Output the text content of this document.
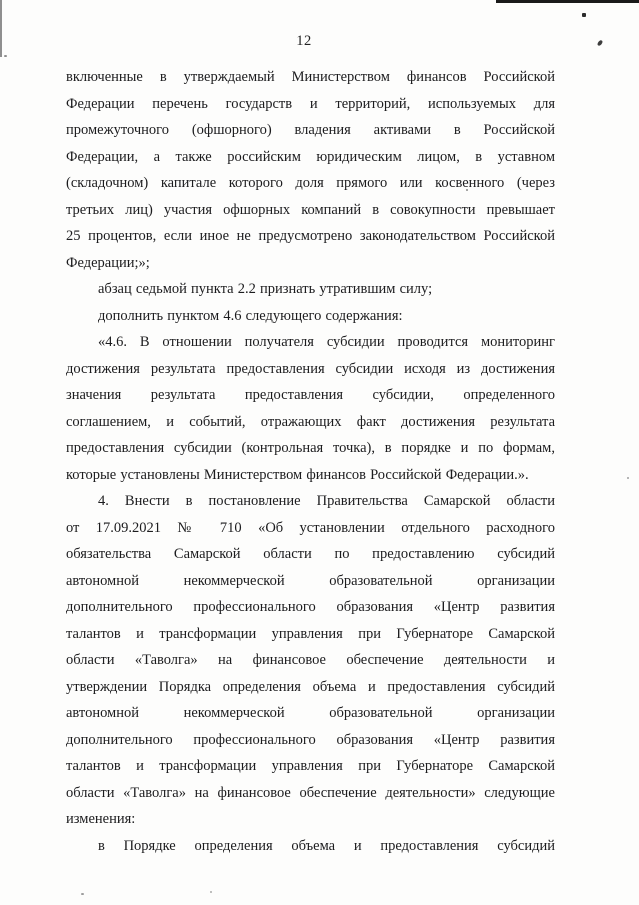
12
включенные в утверждаемый Министерством финансов Российской
Федерации перечень государств и территорий, используемых для
промежуточного (офшорного) владения активами в Российской
Федерации, а также российским юридическим лицом, в уставном
(складочном) капитале которого доля прямого или косвенного (через
третьих лиц) участия офшорных компаний в совокупности превышает
25 процентов, если иное не предусмотрено законодательством Российской
Федерации;»;
абзац седьмой пункта 2.2 признать утратившим силу;
дополнить пунктом 4.6 следующего содержания:
«4.6. В отношении получателя субсидии проводится мониторинг
достижения результата предоставления субсидии исходя из достижения
значения результата предоставления субсидии, определенного
соглашением, и событий, отражающих факт достижения результата
предоставления субсидии (контрольная точка), в порядке и по формам,
которые установлены Министерством финансов Российской Федерации.».
4. Внести в постановление Правительства Самарской области
от 17.09.2021 № 710 «Об установлении отдельного расходного
обязательства Самарской области по предоставлению субсидий
автономной некоммерческой образовательной организации
дополнительного профессионального образования «Центр развития
талантов и трансформации управления при Губернаторе Самарской
области «Таволга» на финансовое обеспечение деятельности и
утверждении Порядка определения объема и предоставления субсидий
автономной некоммерческой образовательной организации
дополнительного профессионального образования «Центр развития
талантов и трансформации управления при Губернаторе Самарской
области «Таволга» на финансовое обеспечение деятельности» следующие
изменения:
в Порядке определения объема и предоставления субсидий
